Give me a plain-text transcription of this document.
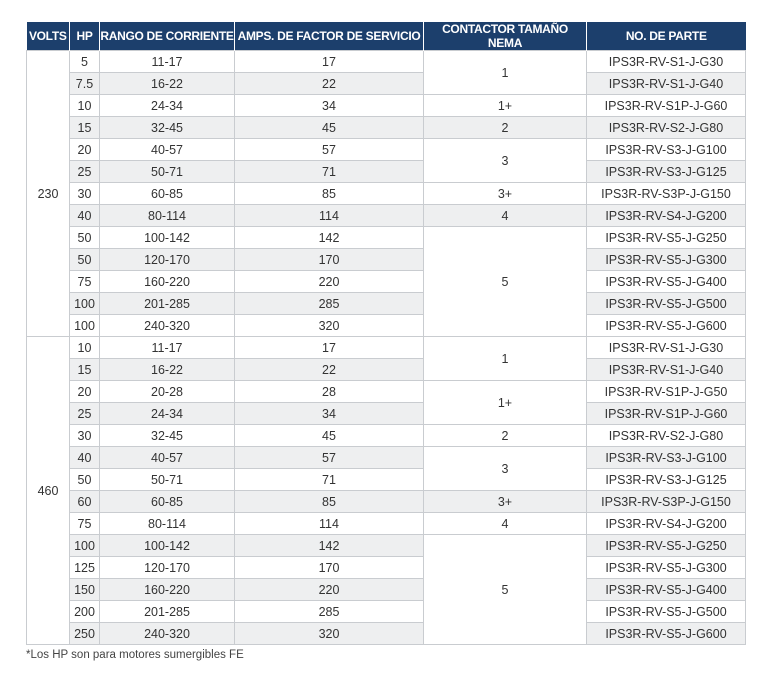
VOLTS	HP	RANGO DE CORRIENTE	AMPS. DE FACTOR DE SERVICIO	CONTACTOR TAMAÑO NEMA	NO. DE PARTE
230	5	11-17	17	1	IPS3R-RV-S1-J-G30
	7.5	16-22	22		IPS3R-RV-S1-J-G40
	10	24-34	34	1+	IPS3R-RV-S1P-J-G60
	15	32-45	45	2	IPS3R-RV-S2-J-G80
	20	40-57	57	3	IPS3R-RV-S3-J-G100
	25	50-71	71		IPS3R-RV-S3-J-G125
	30	60-85	85	3+	IPS3R-RV-S3P-J-G150
	40	80-114	114	4	IPS3R-RV-S4-J-G200
	50	100-142	142	5	IPS3R-RV-S5-J-G250
	50	120-170	170		IPS3R-RV-S5-J-G300
	75	160-220	220		IPS3R-RV-S5-J-G400
	100	201-285	285		IPS3R-RV-S5-J-G500
	100	240-320	320		IPS3R-RV-S5-J-G600
460	10	11-17	17	1	IPS3R-RV-S1-J-G30
	15	16-22	22		IPS3R-RV-S1-J-G40
	20	20-28	28	1+	IPS3R-RV-S1P-J-G50
	25	24-34	34		IPS3R-RV-S1P-J-G60
	30	32-45	45	2	IPS3R-RV-S2-J-G80
	40	40-57	57	3	IPS3R-RV-S3-J-G100
	50	50-71	71		IPS3R-RV-S3-J-G125
	60	60-85	85	3+	IPS3R-RV-S3P-J-G150
	75	80-114	114	4	IPS3R-RV-S4-J-G200
	100	100-142	142	5	IPS3R-RV-S5-J-G250
	125	120-170	170		IPS3R-RV-S5-J-G300
	150	160-220	220		IPS3R-RV-S5-J-G400
	200	201-285	285		IPS3R-RV-S5-J-G500
	250	240-320	320		IPS3R-RV-S5-J-G600
*Los HP son para motores sumergibles FE
